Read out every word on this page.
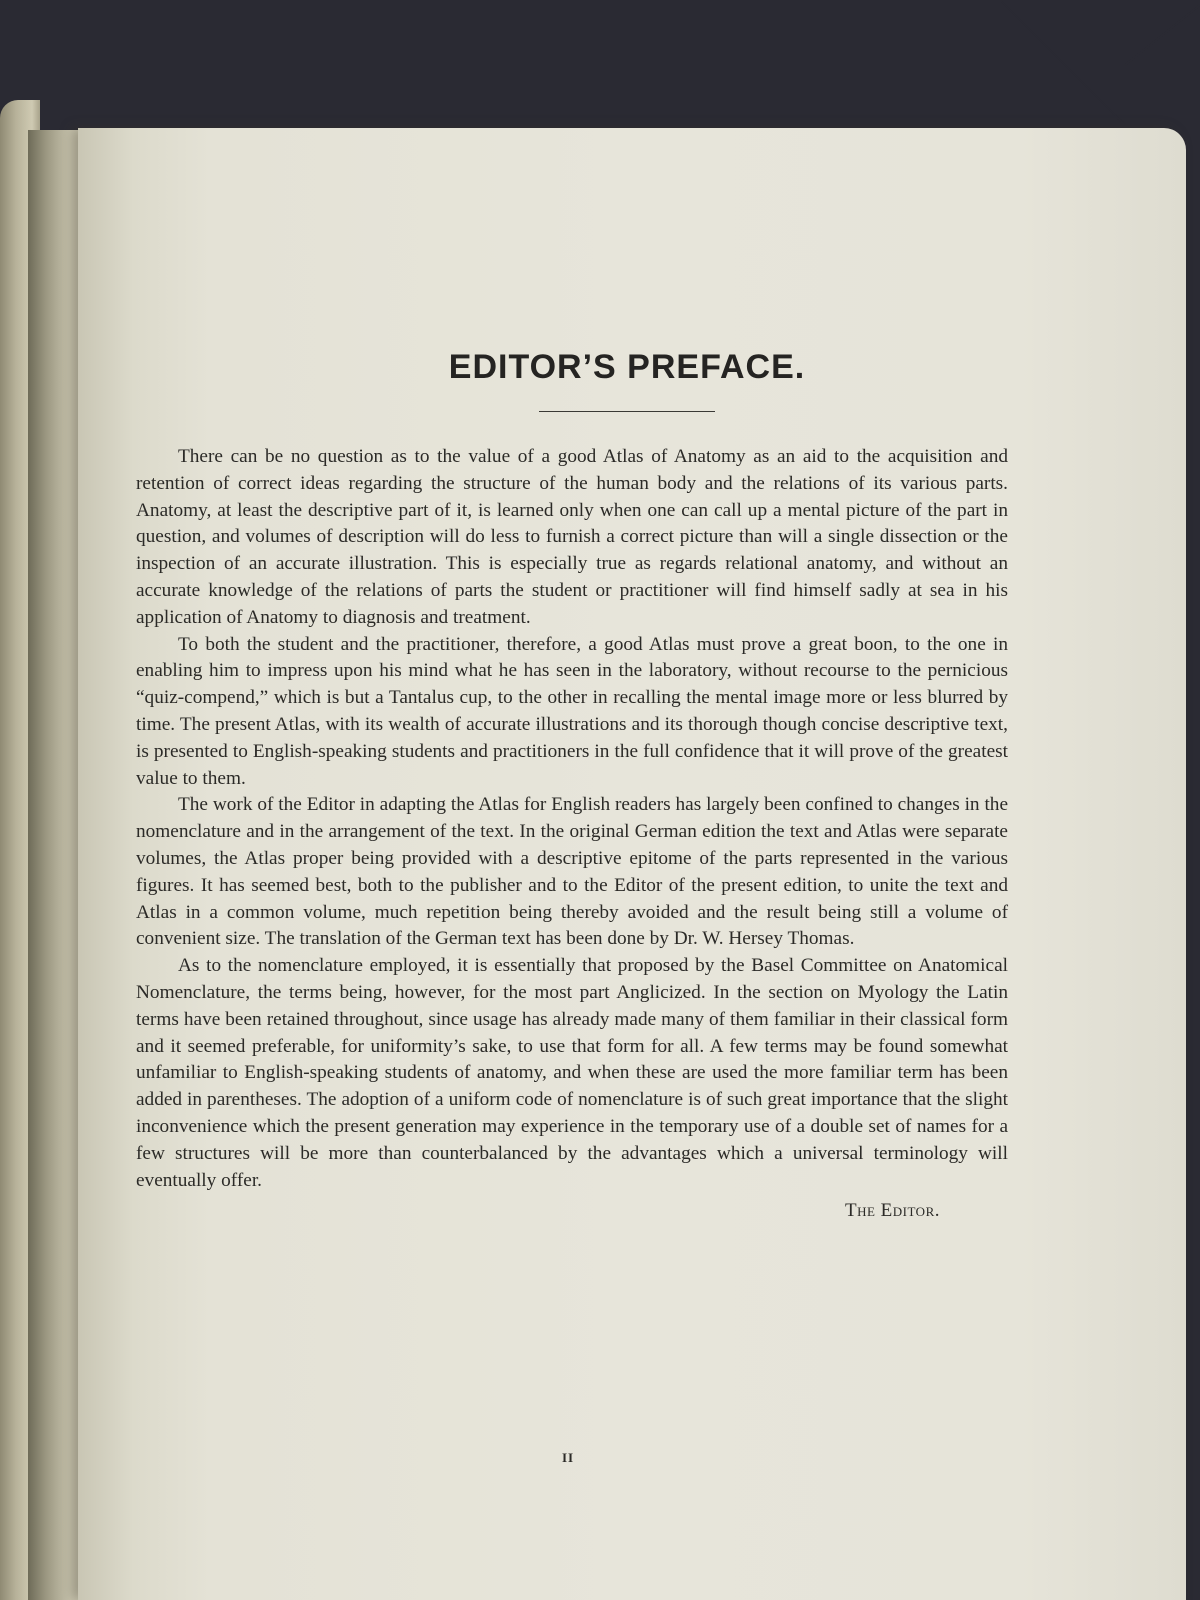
EDITOR’S PREFACE.

There can be no question as to the value of a good Atlas of Anatomy as an aid to the acquisition and retention of correct ideas regarding the structure of the human body and the relations of its various parts. Anatomy, at least the descriptive part of it, is learned only when one can call up a mental picture of the part in question, and volumes of description will do less to furnish a correct picture than will a single dissection or the inspection of an accurate illustration. This is especially true as regards relational anatomy, and without an accurate knowledge of the relations of parts the student or practitioner will find himself sadly at sea in his application of Anatomy to diagnosis and treatment.

To both the student and the practitioner, therefore, a good Atlas must prove a great boon, to the one in enabling him to impress upon his mind what he has seen in the laboratory, without recourse to the pernicious “quiz-compend,” which is but a Tantalus cup, to the other in recalling the mental image more or less blurred by time. The present Atlas, with its wealth of accurate illustrations and its thorough though concise descriptive text, is presented to English-speaking students and practitioners in the full confidence that it will prove of the greatest value to them.

The work of the Editor in adapting the Atlas for English readers has largely been confined to changes in the nomenclature and in the arrangement of the text. In the original German edition the text and Atlas were separate volumes, the Atlas proper being provided with a descriptive epitome of the parts represented in the various figures. It has seemed best, both to the publisher and to the Editor of the present edition, to unite the text and Atlas in a common volume, much repetition being thereby avoided and the result being still a volume of convenient size. The translation of the German text has been done by Dr. W. Hersey Thomas.

As to the nomenclature employed, it is essentially that proposed by the Basel Committee on Anatomical Nomenclature, the terms being, however, for the most part Anglicized. In the section on Myology the Latin terms have been retained throughout, since usage has already made many of them familiar in their classical form and it seemed preferable, for uniformity’s sake, to use that form for all. A few terms may be found somewhat unfamiliar to English-speaking students of anatomy, and when these are used the more familiar term has been added in parentheses. The adoption of a uniform code of nomenclature is of such great importance that the slight inconvenience which the present generation may experience in the temporary use of a double set of names for a few structures will be more than counterbalanced by the advantages which a universal terminology will eventually offer.

The Editor.
II
